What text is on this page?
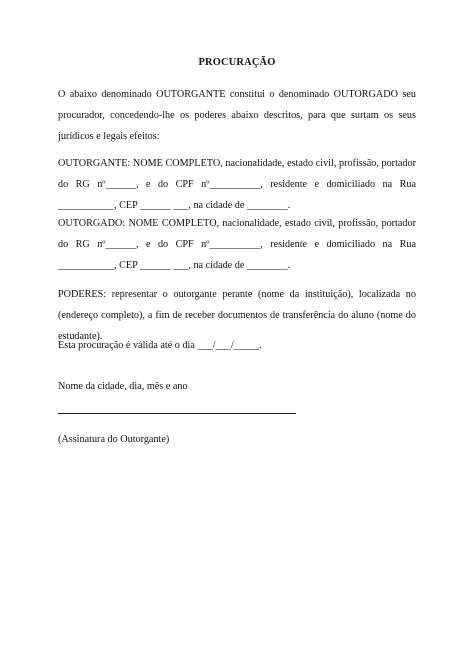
PROCURAÇÃO

O abaixo denominado OUTORGANTE constitui o denominado OUTORGADO seu procurador, concedendo-lhe os poderes abaixo descritos, para que surtam os seus jurídicos e legais efeitos:

OUTORGANTE: NOME COMPLETO, nacionalidade, estado civil, profissão, portador do RG nº______, e do CPF nº__________, residente e domiciliado na Rua ___________, CEP ______ ___, na cidade de ________.

OUTORGADO: NOME COMPLETO, nacionalidade, estado civil, profissão, portador do RG nº______, e do CPF nº__________, residente e domiciliado na Rua ___________, CEP ______ ___, na cidade de ________.

PODERES: representar o outorgante perante (nome da instituição), localizada no (endereço completo), a fim de receber documentos de transferência do aluno (nome do estudante).

Esta procuração é válida até o dia ___/___/_____.

Nome da cidade, dia, mês e ano

(Assinatura do Outorgante)
